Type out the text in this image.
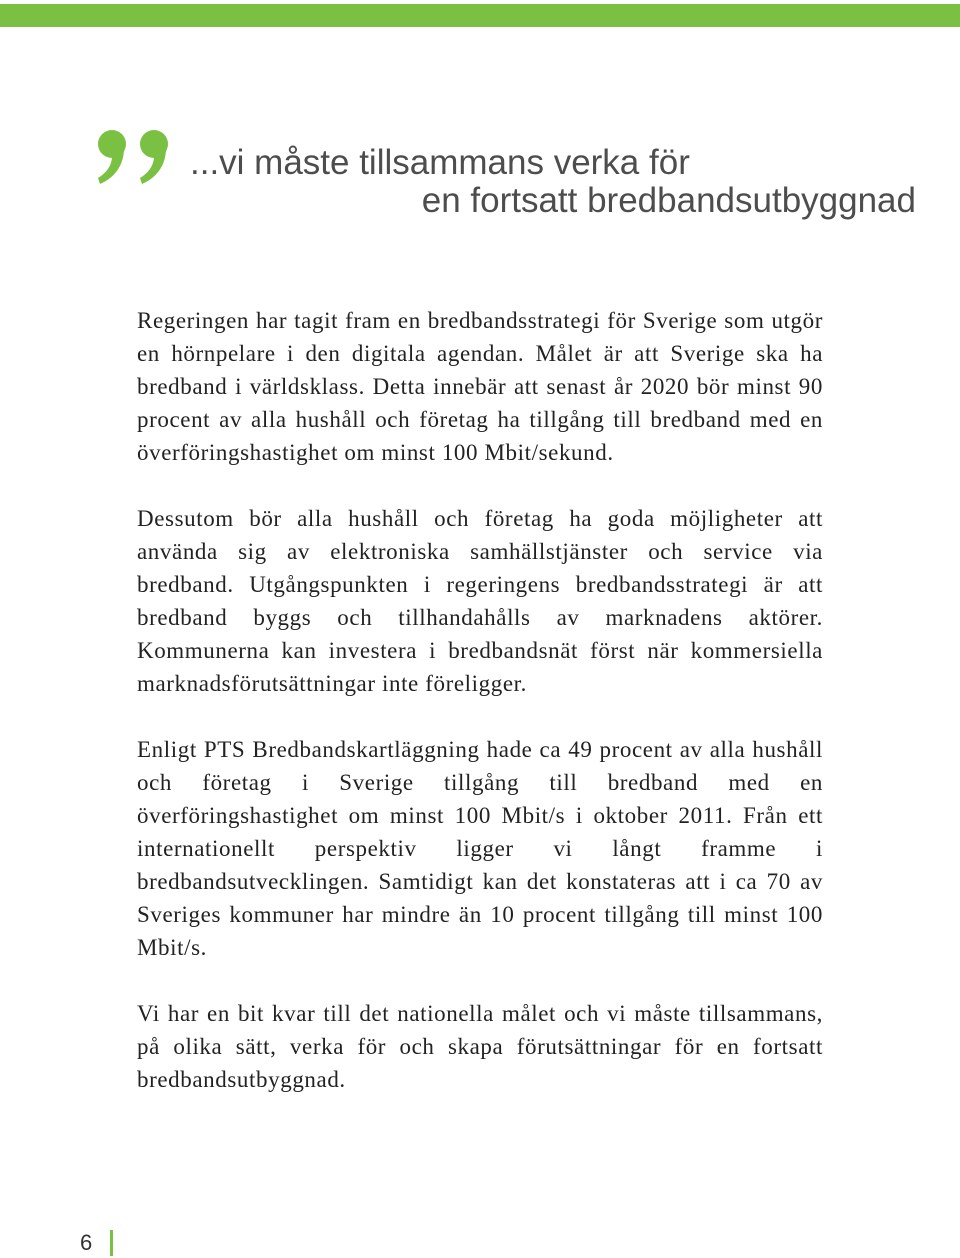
...vi måste tillsammans verka för
en fortsatt bredbandsutbyggnad

Regeringen har tagit fram en bredbandsstrategi för Sverige som utgör en hörnpelare i den digitala agendan. Målet är att Sverige ska ha bredband i världsklass. Detta innebär att senast år 2020 bör minst 90 procent av alla hushåll och företag ha tillgång till bredband med en överföringshastighet om minst 100 Mbit/sekund.

Dessutom bör alla hushåll och företag ha goda möjligheter att använda sig av elektroniska samhällstjänster och service via bredband. Utgångspunkten i regeringens bredbandsstrategi är att bredband byggs och tillhandahålls av marknadens aktörer. Kommunerna kan investera i bredbandsnät först när kommersiella marknadsförutsättningar inte föreligger.

Enligt PTS Bredbandskartläggning hade ca 49 procent av alla hushåll och företag i Sverige tillgång till bredband med en överföringshastighet om minst 100 Mbit/s i oktober 2011. Från ett internationellt perspektiv ligger vi långt framme i bredbandsutvecklingen. Samtidigt kan det konstateras att i ca 70 av Sveriges kommuner har mindre än 10 procent tillgång till minst 100 Mbit/s.

Vi har en bit kvar till det nationella målet och vi måste tillsammans, på olika sätt, verka för och skapa förutsättningar för en fortsatt bredbandsutbyggnad.

6
